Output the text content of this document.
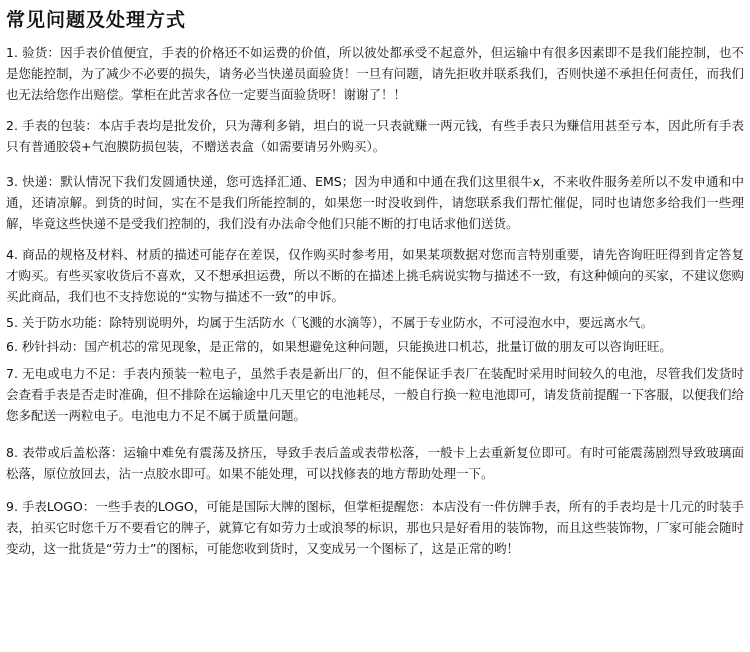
常见问题及处理方式

1. 验货：因手表价值便宜，手表的价格还不如运费的价值，所以彼处都承受不起意外，但运输中有很多因素即不是我们能控制，也不是您能控制，为了减少不必要的损失，请务必当快递员面验货！一旦有问题，请先拒收并联系我们，否则快递不承担任何责任，而我们也无法给您作出赔偿。掌柜在此苦求各位一定要当面验货呀！谢谢了！！

2. 手表的包装：本店手表均是批发价，只为薄利多销，坦白的说一只表就赚一两元钱，有些手表只为赚信用甚至亏本，因此所有手表只有普通胶袋+气泡膜防损包装，不赠送表盒（如需要请另外购买）。

3. 快递：默认情况下我们发圆通快递，您可选择汇通、EMS；因为申通和中通在我们这里很牛x，不来收件服务差所以不发申通和中通，还请凉解。到货的时间，实在不是我们所能控制的，如果您一时没收到件，请您联系我们帮忙催促，同时也请您多给我们一些理解，毕竟这些快递不是受我们控制的，我们没有办法命令他们只能不断的打电话求他们送货。

4. 商品的规格及材料、材质的描述可能存在差误，仅作购买时参考用，如果某项数据对您而言特别重要，请先咨询旺旺得到肯定答复才购买。有些买家收货后不喜欢，又不想承担运费，所以不断的在描述上挑毛病说实物与描述不一致，有这种倾向的买家，不建议您购买此商品，我们也不支持您说的“实物与描述不一致”的申诉。

5. 关于防水功能：除特别说明外，均属于生活防水（飞溅的水滴等），不属于专业防水，不可浸泡水中，要远离水气。

6. 秒针抖动：国产机芯的常见现象，是正常的，如果想避免这种问题，只能换进口机芯，批量订做的朋友可以咨询旺旺。

7. 无电或电力不足：手表内预装一粒电子，虽然手表是新出厂的，但不能保证手表厂在装配时采用时间较久的电池，尽管我们发货时会查看手表是否走时准确，但不排除在运输途中几天里它的电池耗尽，一般自行换一粒电池即可，请发货前提醒一下客服，以便我们给您多配送一两粒电子。电池电力不足不属于质量问题。

8. 表带或后盖松落：运输中难免有震荡及挤压，导致手表后盖或表带松落，一般卡上去重新复位即可。有时可能震荡剧烈导致玻璃面松落，原位放回去，沾一点胶水即可。如果不能处理，可以找修表的地方帮助处理一下。

9. 手表LOGO：一些手表的LOGO，可能是国际大牌的图标，但掌柜提醒您：本店没有一件仿牌手表，所有的手表均是十几元的时装手表，拍买它时您千万不要看它的牌子，就算它有如劳力士或浪琴的标识，那也只是好看用的装饰物，而且这些装饰物，厂家可能会随时变动，这一批货是“劳力士”的图标，可能您收到货时，又变成另一个图标了，这是正常的哟！
